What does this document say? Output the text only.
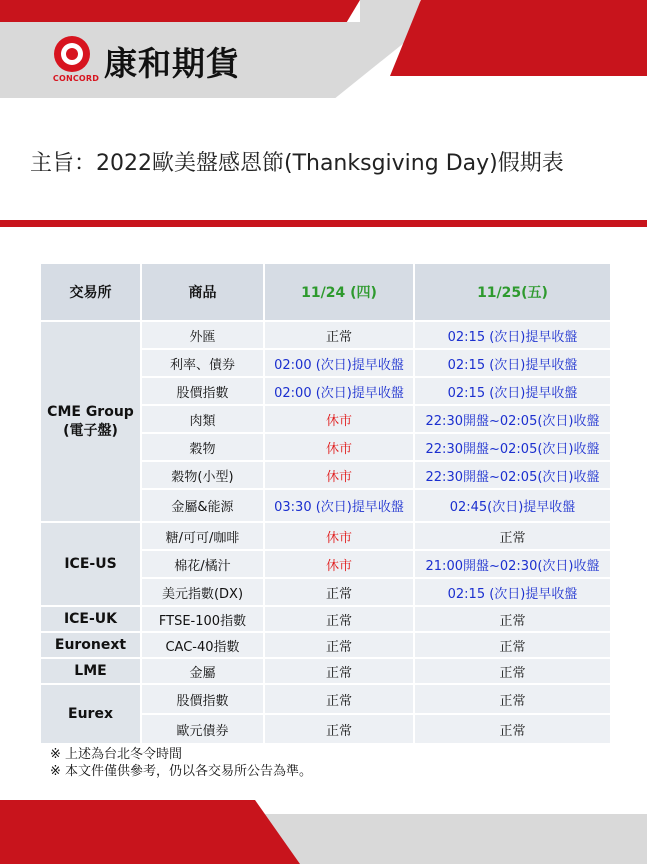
CONCORD 康和期貨
主旨：2022歐美盤感恩節(Thanksgiving Day)假期表
交易所	商品	11/24 (四)	11/25(五)
CME Group
(電子盤)	外匯	正常	02:15 (次日)提早收盤
	利率、債券	02:00 (次日)提早收盤	02:15 (次日)提早收盤
	股價指數	02:00 (次日)提早收盤	02:15 (次日)提早收盤
	肉類	休市	22:30開盤~02:05(次日)收盤
	穀物	休市	22:30開盤~02:05(次日)收盤
	穀物(小型)	休市	22:30開盤~02:05(次日)收盤
	金屬&能源	03:30 (次日)提早收盤	02:45(次日)提早收盤
ICE-US	糖/可可/咖啡	休市	正常
	棉花/橘汁	休市	21:00開盤~02:30(次日)收盤
	美元指數(DX)	正常	02:15 (次日)提早收盤
ICE-UK	FTSE-100指數	正常	正常
Euronext	CAC-40指數	正常	正常
LME	金屬	正常	正常
Eurex	股價指數	正常	正常
	歐元債券	正常	正常
※ 上述為台北冬令時間
※ 本文件僅供參考，仍以各交易所公告為準。
